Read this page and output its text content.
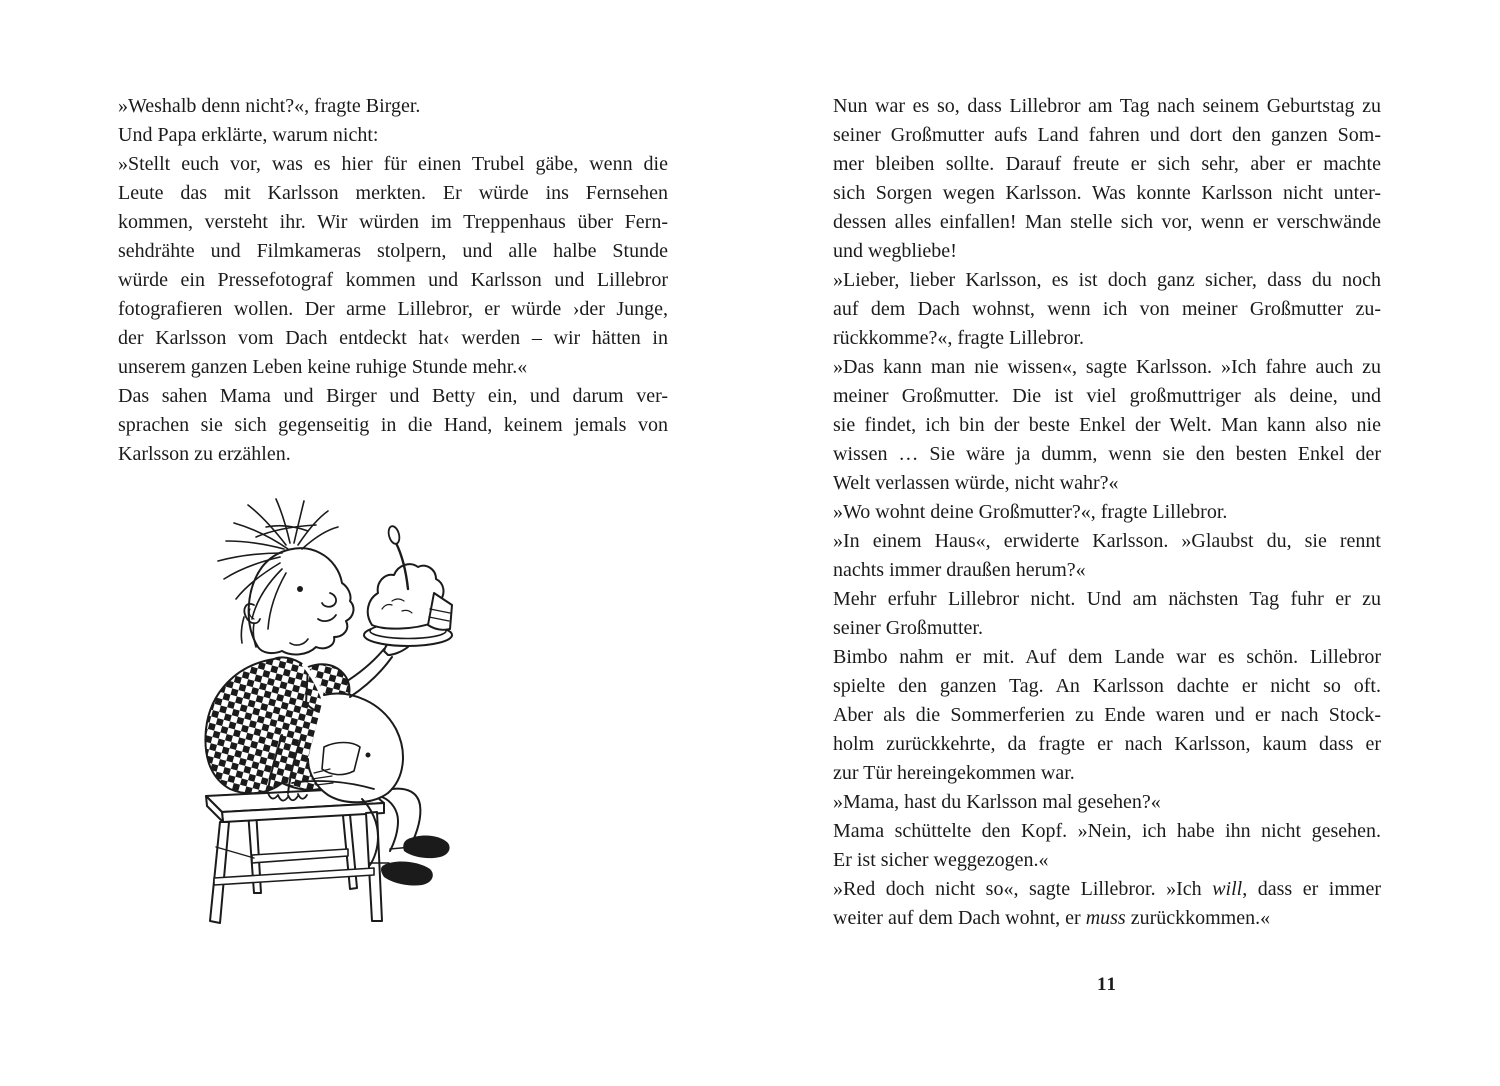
»Weshalb denn nicht?«, fragte Birger.
Und Papa erklärte, warum nicht:
»Stellt euch vor, was es hier für einen Trubel gäbe, wenn die
Leute das mit Karlsson merkten. Er würde ins Fernsehen
kommen, versteht ihr. Wir würden im Treppenhaus über Fern-
sehdrähte und Filmkameras stolpern, und alle halbe Stunde
würde ein Pressefotograf kommen und Karlsson und Lillebror
fotografieren wollen. Der arme Lillebror, er würde ›der Junge,
der Karlsson vom Dach entdeckt hat‹ werden – wir hätten in
unserem ganzen Leben keine ruhige Stunde mehr.«
Das sahen Mama und Birger und Betty ein, und darum ver-
sprachen sie sich gegenseitig in die Hand, keinem jemals von
Karlsson zu erzählen.
Nun war es so, dass Lillebror am Tag nach seinem Geburtstag zu
seiner Großmutter aufs Land fahren und dort den ganzen Som-
mer bleiben sollte. Darauf freute er sich sehr, aber er machte
sich Sorgen wegen Karlsson. Was konnte Karlsson nicht unter-
dessen alles einfallen! Man stelle sich vor, wenn er verschwände
und wegbliebe!
»Lieber, lieber Karlsson, es ist doch ganz sicher, dass du noch
auf dem Dach wohnst, wenn ich von meiner Großmutter zu-
rückkomme?«, fragte Lillebror.
»Das kann man nie wissen«, sagte Karlsson. »Ich fahre auch zu
meiner Großmutter. Die ist viel großmuttriger als deine, und
sie findet, ich bin der beste Enkel der Welt. Man kann also nie
wissen … Sie wäre ja dumm, wenn sie den besten Enkel der
Welt verlassen würde, nicht wahr?«
»Wo wohnt deine Großmutter?«, fragte Lillebror.
»In einem Haus«, erwiderte Karlsson. »Glaubst du, sie rennt
nachts immer draußen herum?«
Mehr erfuhr Lillebror nicht. Und am nächsten Tag fuhr er zu
seiner Großmutter.
Bimbo nahm er mit. Auf dem Lande war es schön. Lillebror
spielte den ganzen Tag. An Karlsson dachte er nicht so oft.
Aber als die Sommerferien zu Ende waren und er nach Stock-
holm zurückkehrte, da fragte er nach Karlsson, kaum dass er
zur Tür hereingekommen war.
»Mama, hast du Karlsson mal gesehen?«
Mama schüttelte den Kopf. »Nein, ich habe ihn nicht gesehen.
Er ist sicher weggezogen.«
»Red doch nicht so«, sagte Lillebror. »Ich will, dass er immer
weiter auf dem Dach wohnt, er muss zurückkommen.«
11
